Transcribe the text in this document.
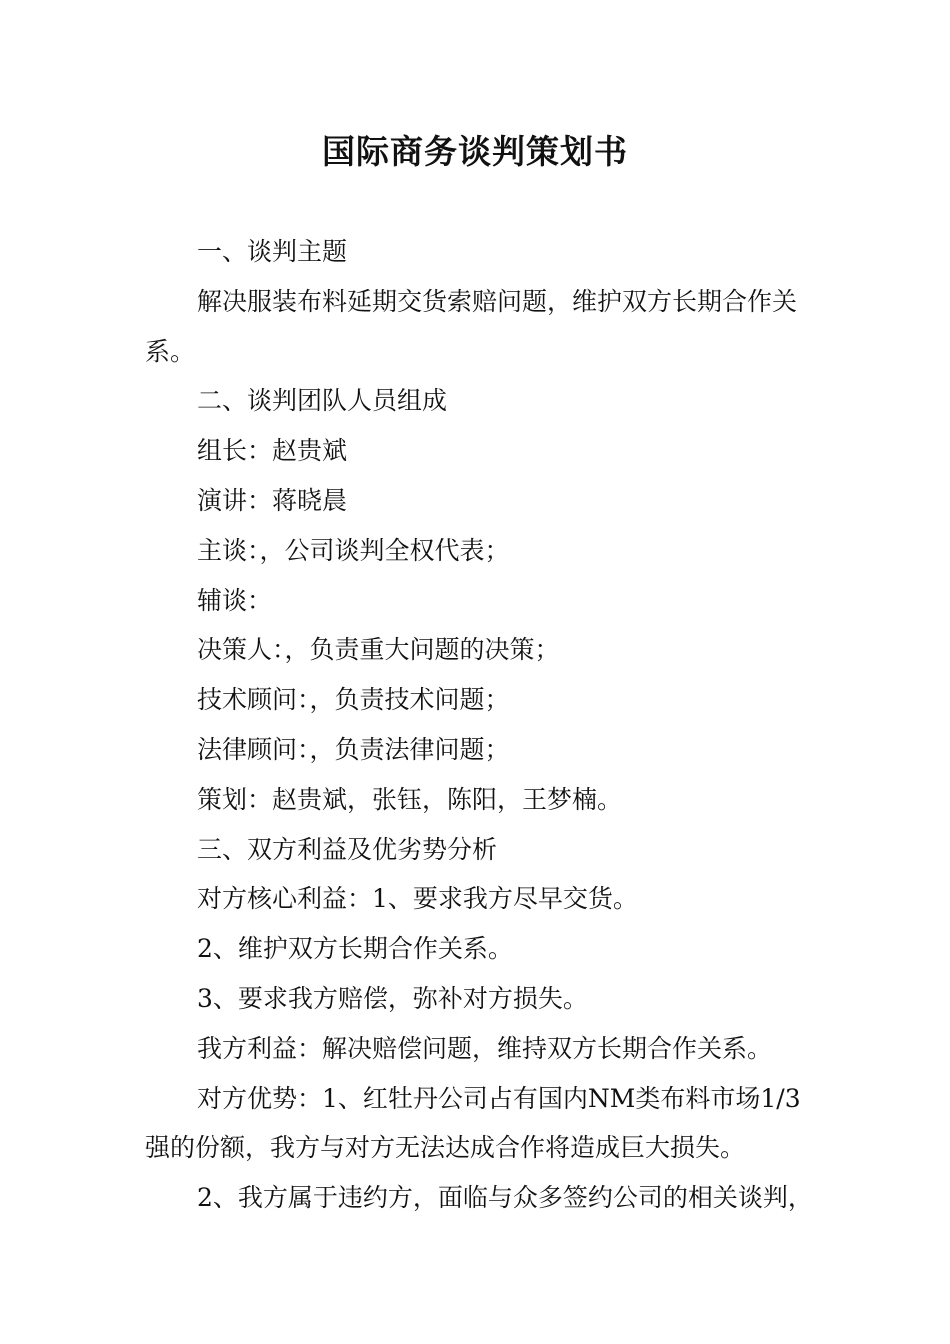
国际商务谈判策划书

一、谈判主题

解决服装布料延期交货索赔问题，维护双方长期合作关系。

二、谈判团队人员组成

组长：赵贵斌

演讲：蒋晓晨

主谈：，公司谈判全权代表；

辅谈：

决策人：，负责重大问题的决策；

技术顾问：，负责技术问题；

法律顾问：，负责法律问题；

策划：赵贵斌，张钰，陈阳，王梦楠。

三、双方利益及优劣势分析

对方核心利益：1、要求我方尽早交货。

2、维护双方长期合作关系。

3、要求我方赔偿，弥补对方损失。

我方利益：解决赔偿问题，维持双方长期合作关系。

对方优势：1、红牡丹公司占有国内NM类布料市场1/3强的份额，我方与对方无法达成合作将造成巨大损失。

2、我方属于违约方，面临与众多签约公司的相关谈判，
